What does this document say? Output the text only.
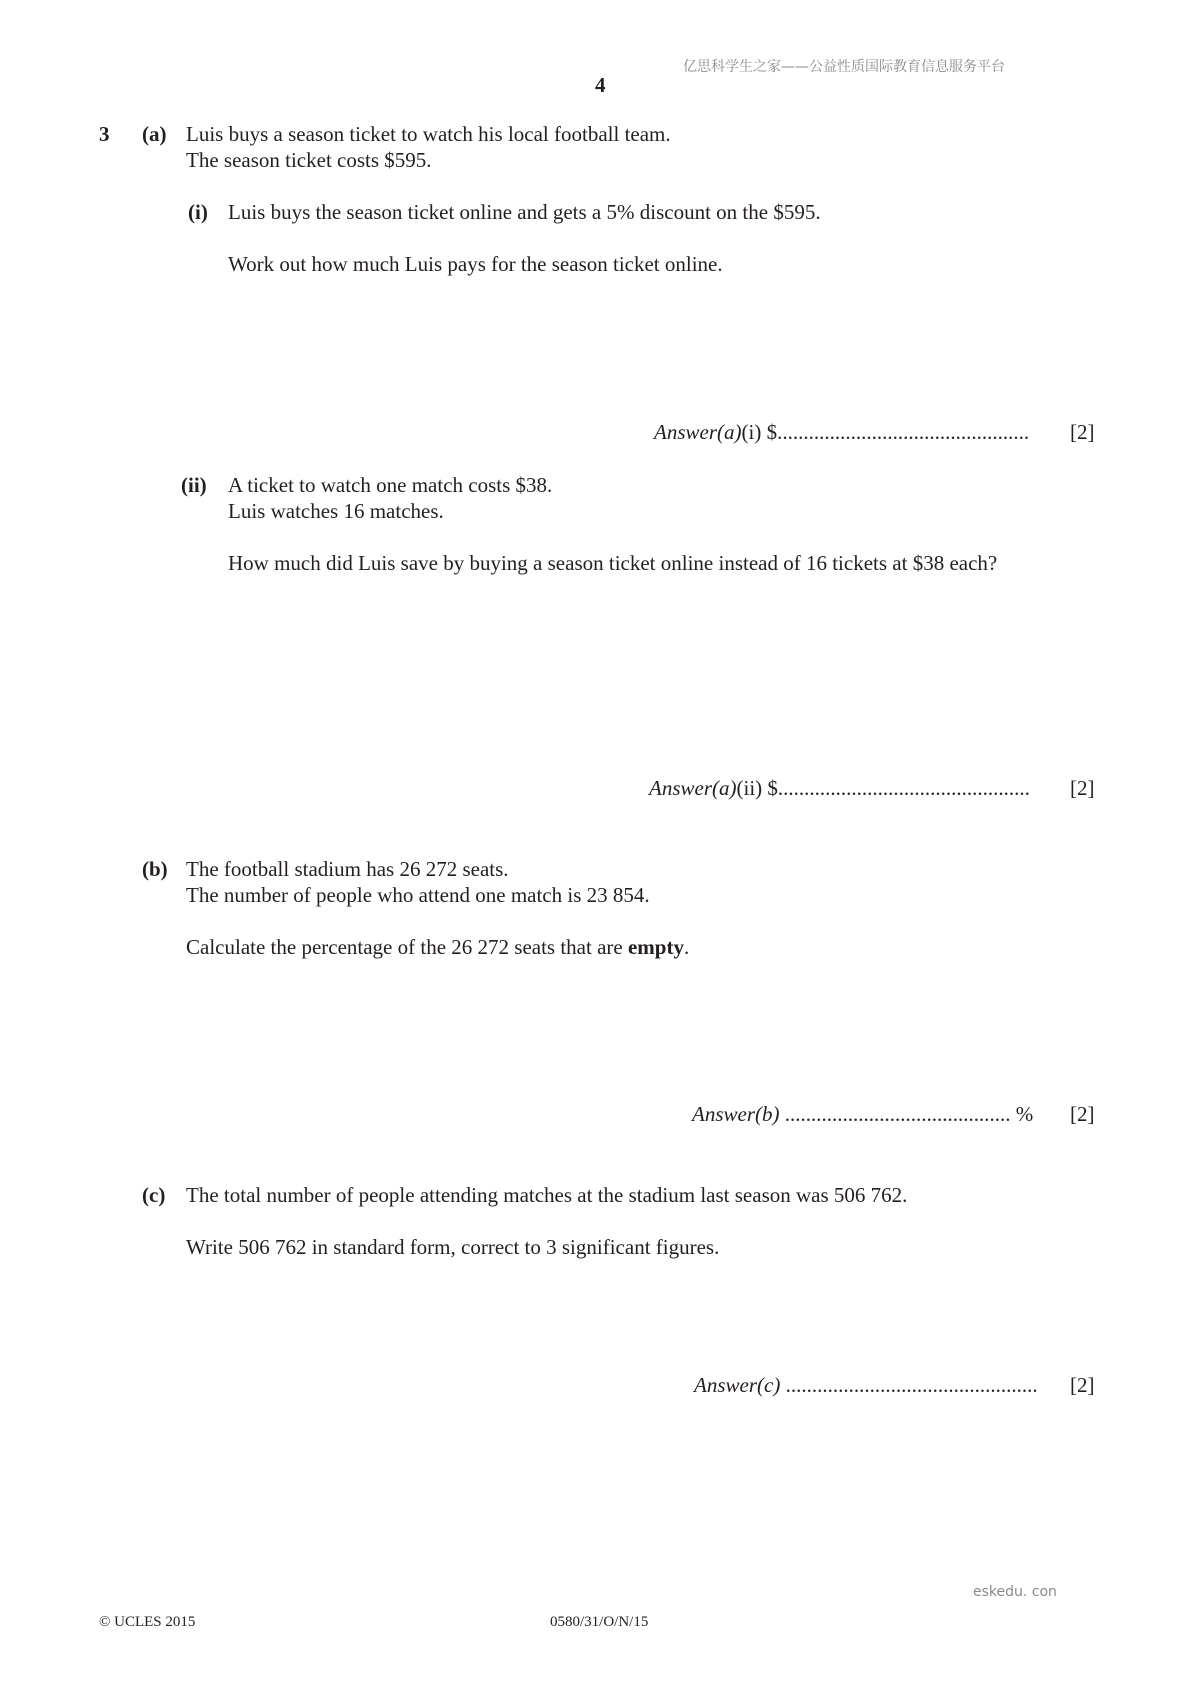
亿思科学生之家——公益性质国际教育信息服务平台
4
3 (a) Luis buys a season ticket to watch his local football team.
The season ticket costs $595.
(i) Luis buys the season ticket online and gets a 5% discount on the $595.
Work out how much Luis pays for the season ticket online.
Answer(a)(i) $................................................ [2]
(ii) A ticket to watch one match costs $38.
Luis watches 16 matches.
How much did Luis save by buying a season ticket online instead of 16 tickets at $38 each?
Answer(a)(ii) $................................................ [2]
(b) The football stadium has 26 272 seats.
The number of people who attend one match is 23 854.
Calculate the percentage of the 26 272 seats that are empty.
Answer(b) ........................................... % [2]
(c) The total number of people attending matches at the stadium last season was 506 762.
Write 506 762 in standard form, correct to 3 significant figures.
Answer(c) ................................................ [2]
eskedu. con
© UCLES 2015	0580/31/O/N/15
